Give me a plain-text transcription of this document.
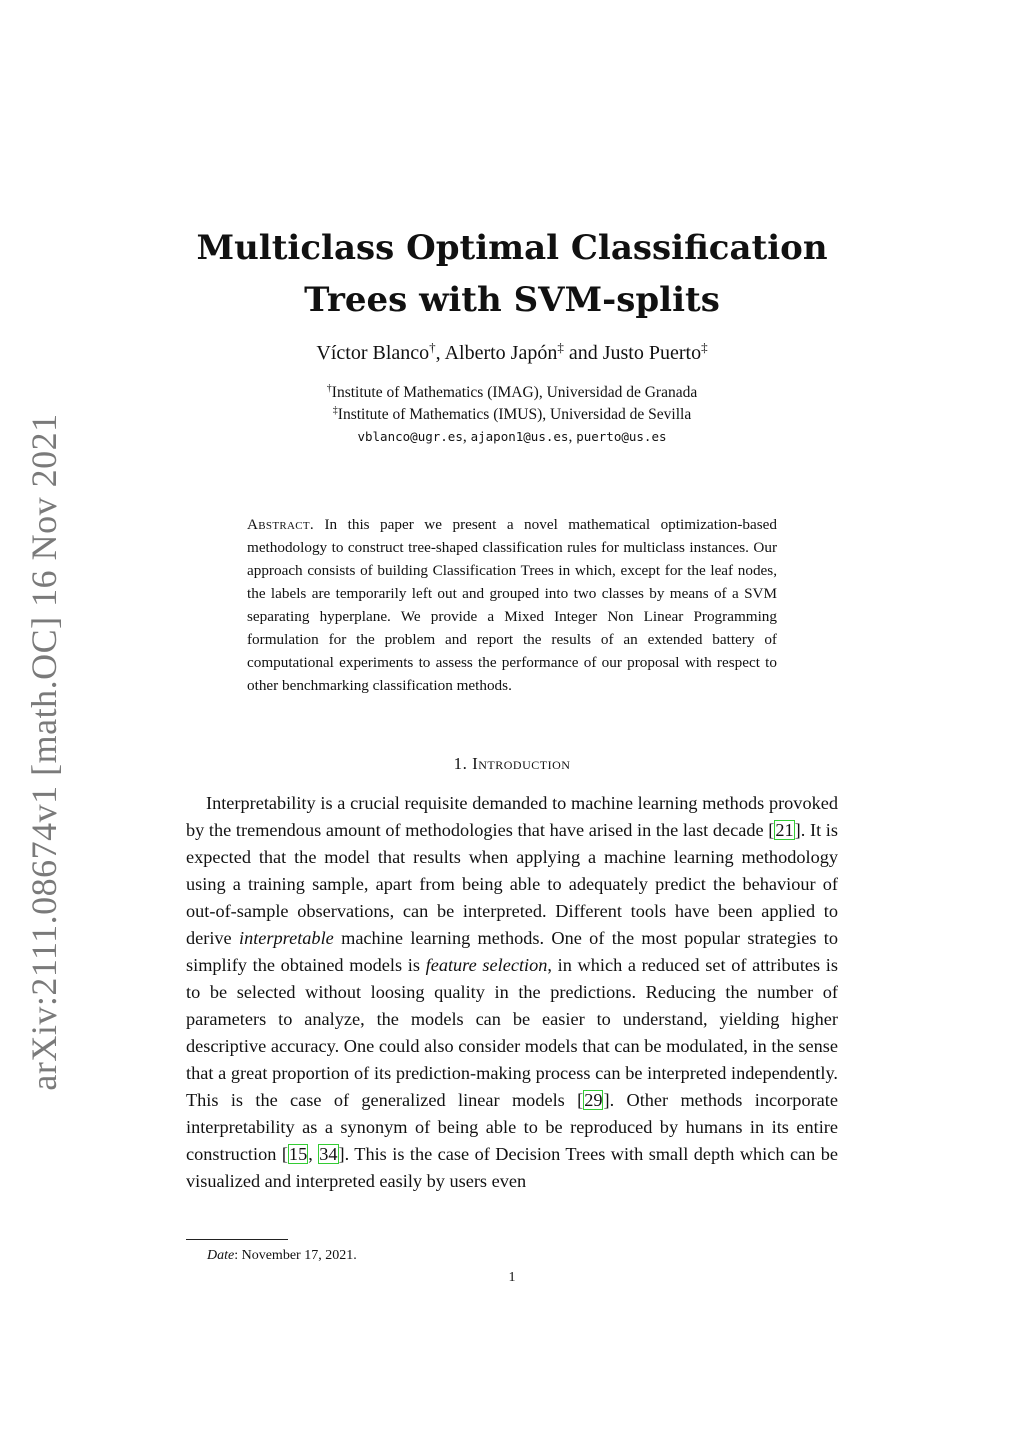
arXiv:2111.08674v1 [math.OC] 16 Nov 2021
Multiclass Optimal Classification
Trees with SVM-splits
Víctor Blanco†, Alberto Japón‡ and Justo Puerto‡
†Institute of Mathematics (IMAG), Universidad de Granada
‡Institute of Mathematics (IMUS), Universidad de Sevilla
vblanco@ugr.es, ajapon1@us.es, puerto@us.es
Abstract. In this paper we present a novel mathematical optimization-based methodology to construct tree-shaped classification rules for multiclass instances. Our approach consists of building Classification Trees in which, except for the leaf nodes, the labels are temporarily left out and grouped into two classes by means of a SVM separating hyperplane. We provide a Mixed Integer Non Linear Programming formulation for the problem and report the results of an extended battery of computational experiments to assess the performance of our proposal with respect to other benchmarking classification methods.
1. Introduction

Interpretability is a crucial requisite demanded to machine learning methods provoked by the tremendous amount of methodologies that have arised in the last decade [21]. It is expected that the model that results when applying a machine learning methodology using a training sample, apart from being able to adequately predict the behaviour of out-of-sample observations, can be interpreted. Different tools have been applied to derive interpretable machine learning methods. One of the most popular strategies to simplify the obtained models is feature selection, in which a reduced set of attributes is to be selected without loosing quality in the predictions. Reducing the number of parameters to analyze, the models can be easier to understand, yielding higher descriptive accuracy. One could also consider models that can be modulated, in the sense that a great proportion of its prediction-making process can be interpreted independently. This is the case of generalized linear models [29]. Other methods incorporate interpretability as a synonym of being able to be reproduced by humans in its entire construction [15, 34]. This is the case of Decision Trees with small depth which can be visualized and interpreted easily by users even

Date: November 17, 2021.
1
